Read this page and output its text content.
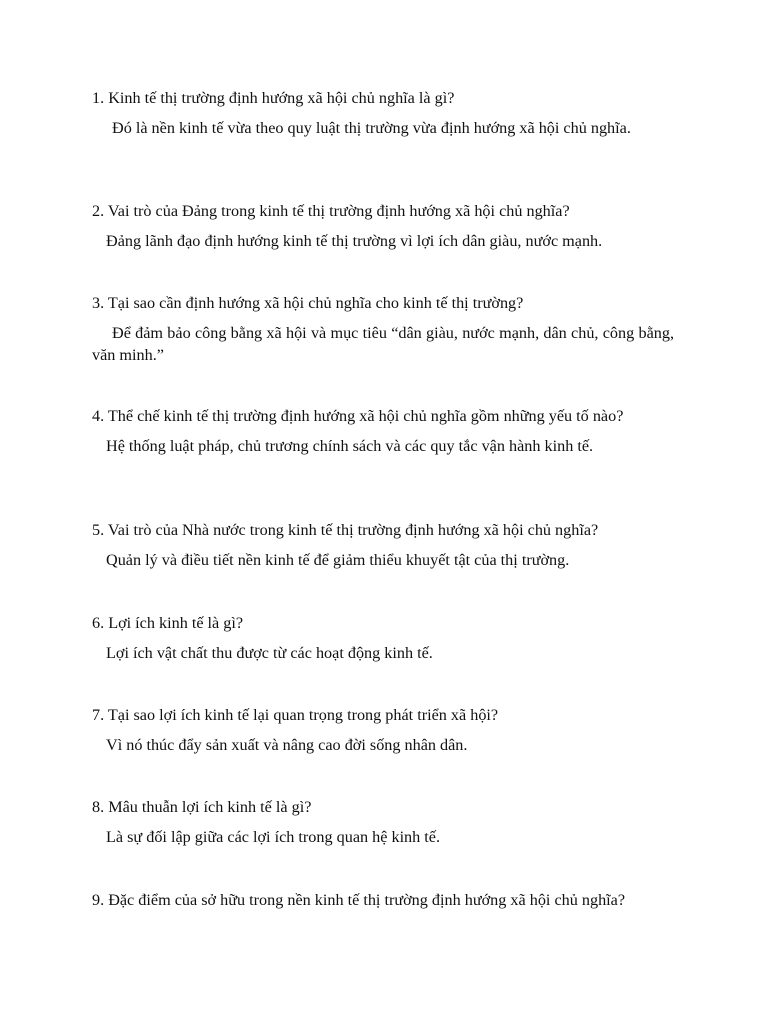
1. Kinh tế thị trường định hướng xã hội chủ nghĩa là gì?

Đó là nền kinh tế vừa theo quy luật thị trường vừa định hướng xã hội chủ nghĩa.

2. Vai trò của Đảng trong kinh tế thị trường định hướng xã hội chủ nghĩa?

Đảng lãnh đạo định hướng kinh tế thị trường vì lợi ích dân giàu, nước mạnh.

3. Tại sao cần định hướng xã hội chủ nghĩa cho kinh tế thị trường?

Để đảm bảo công bằng xã hội và mục tiêu “dân giàu, nước mạnh, dân chủ, công bằng, văn minh.”

4. Thể chế kinh tế thị trường định hướng xã hội chủ nghĩa gồm những yếu tố nào?

Hệ thống luật pháp, chủ trương chính sách và các quy tắc vận hành kinh tế.

5. Vai trò của Nhà nước trong kinh tế thị trường định hướng xã hội chủ nghĩa?

Quản lý và điều tiết nền kinh tế để giảm thiểu khuyết tật của thị trường.

6. Lợi ích kinh tế là gì?

Lợi ích vật chất thu được từ các hoạt động kinh tế.

7. Tại sao lợi ích kinh tế lại quan trọng trong phát triển xã hội?

Vì nó thúc đẩy sản xuất và nâng cao đời sống nhân dân.

8. Mâu thuẫn lợi ích kinh tế là gì?

Là sự đối lập giữa các lợi ích trong quan hệ kinh tế.

9. Đặc điểm của sở hữu trong nền kinh tế thị trường định hướng xã hội chủ nghĩa?
